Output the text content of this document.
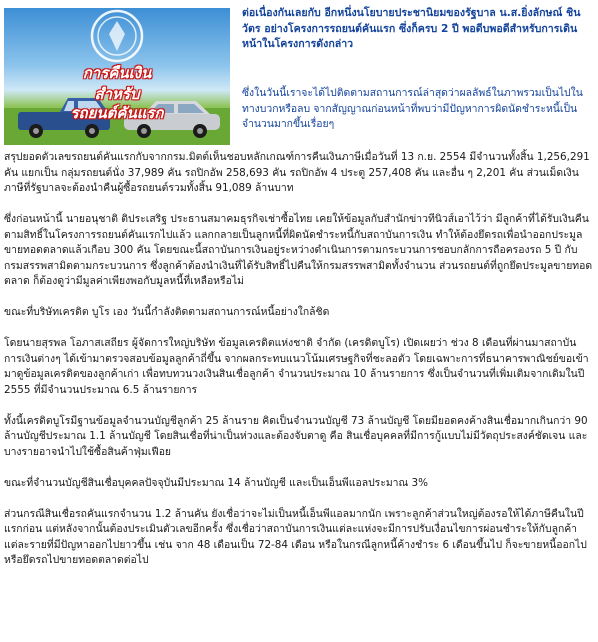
การคืนเงิน
สำหรับ
รถยนต์คันแรก
ต่อเนื่องกันเลยกับ อีกหนึ่งนโยบายประชานิยมของรัฐบาล น.ส.ยิ่งลักษณ์ ชินวัตร อย่างโครงการรถยนต์คันแรก ซึ่งก็ครบ 2 ปี พอดีบพอดีสำหรับการเดินหน้าในโครงการดังกล่าว
ซึ่งในวันนี้เราจะได้ไปติดตามสถานการณ์ล่าสุดว่าผลลัพธ์ในภาพรวมเป็นไปในทางบวกหรือลบ จากสัญญาณก่อนหน้าที่พบว่ามีปัญหาการผิดนัดชำระหนี้เป็นจำนวนมากขึ้นเรื่อยๆ

สรุปยอดตัวเลขรถยนต์คันแรกกับจากกรม.มิตต์เห็นชอบหลักเกณฑ์การคืนเงินภาษีเมื่อวันที่ 13 ก.ย. 2554 มีจำนวนทั้งสิ้น 1,256,291 คัน แยกเป็น กลุ่มรถยนต์นั่ง 37,989 คัน รถปิกอัพ 258,693 คัน รถปิกอัพ 4 ประตู 257,408 คัน และอื่น ๆ 2,201 คัน ส่วนเม็ดเงินภาษีที่รัฐบาลจะต้องนำคืนผู้ซื้อรถยนต์รวมทั้งสิ้น 91,089 ล้านบาท

ซึ่งก่อนหน้านี้ นายอนุชาติ ติประเสริฐ ประธานสมาคมธุรกิจเช่าซื้อไทย เคยให้ข้อมูลกับสำนักข่าวทีนิวส์เอาไว้ว่า มีลูกค้าที่ได้รับเงินคืนตามสิทธิ์ในโครงการรถยนต์คันแรกไปแล้ว แลกกลายเป็นลูกหนี้ที่ผิดนัดชำระหนี้กับสถาบันการเงิน ทำให้ต้องยึดรถเพื่อนำออกประมูลขายทอดตลาดแล้วเกือบ 300 คัน โดยขณะนี้สถาบันการเงินอยู่ระหว่างดำเนินการตามกระบวนการชอบกลักการถือครองรถ 5 ปี กับกรมสรรพสามิตตามกระบวนการ ซึ่งลูกค้าต้องนำเงินที่ได้รับสิทธิ์ไปคืนให้กรมสรรพสามิตทั้งจำนวน ส่วนรถยนต์ที่ถูกยึดประมูลขายทอดตลาด ก็ต้องดูว่ามีมูลค่าเพียงพอกับมูลหนี้ที่เหลือหรือไม่

ขณะที่บริษัทเครดิต บูโร เอง วันนี้กำลังติดตามสถานการณ์หนี้อย่างใกล้ชิด

โดยนายสุรพล โอภาสเสถียร ผู้จัดการใหญ่บริษัท ข้อมูลเครดิตแห่งชาติ จำกัด (เครดิตบูโร) เปิดเผยว่า ช่วง 8 เดือนที่ผ่านมาสถาบันการเงินต่างๆ ได้เข้ามาตรวจสอบข้อมูลลูกค้าถี่ขึ้น จากผลกระทบแนวโน้มเศรษฐกิจที่ชะลอตัว โดยเฉพาะการที่ธนาคารพาณิชย์ขอเข้ามาดูข้อมูลเครดิตของลูกค้าเก่า เพื่อทบทวนวงเงินสินเชื่อลูกค้า จำนวนประมาณ 10 ล้านรายการ ซึ่งเป็นจำนวนที่เพิ่มเติมจากเดิมในปี 2555 ที่มีจำนวนประมาณ 6.5 ล้านรายการ

ทั้งนี้เครดิตบูโรมีฐานข้อมูลจำนวนบัญชีลูกค้า 25 ล้านราย คิดเป็นจำนวนบัญชี 73 ล้านบัญชี โดยมียอดคงค้างสินเชื่อมากเกินกว่า 90 ล้านบัญชีประมาณ 1.1 ล้านบัญชี โดยสินเชื่อที่น่าเป็นห่วงและต้องจับตาดู คือ สินเชื่อบุคคลที่มีการกู้แบบไม่มีวัตถุประสงค์ชัดเจน และบางรายอาจนำไปใช้ซื้อสินค้าฟุ่มเฟือย

ขณะที่จำนวนบัญชีสินเชื่อบุคคลปัจจุบันมีประมาณ 14 ล้านบัญชี และเป็นเอ็นพีแอลประมาณ 3%

ส่วนกรณีสินเชื่อรถคันแรกจำนวน 1.2 ล้านคัน ยังเชื่อว่าจะไม่เป็นหนี้เอ็นพีแอลมากนัก เพราะลูกค้าส่วนใหญ่ต้องรอให้ได้ภาษีคืนในปีแรกก่อน แต่หลังจากนั้นต้องประเมินตัวเลขอีกครั้ง ซึ่งเชื่อว่าสถาบันการเงินแต่ละแห่งจะมีการปรับเงื่อนไขการผ่อนชำระให้กับลูกค้าแต่ละรายที่มีปัญหาออกไปยาวขึ้น เช่น จาก 48 เดือนเป็น 72-84 เดือน หรือในกรณีลูกหนี้ค้างชำระ 6 เดือนขึ้นไป ก็จะขายหนี้ออกไป หรือยึดรถไปขายทอดตลาดต่อไป
